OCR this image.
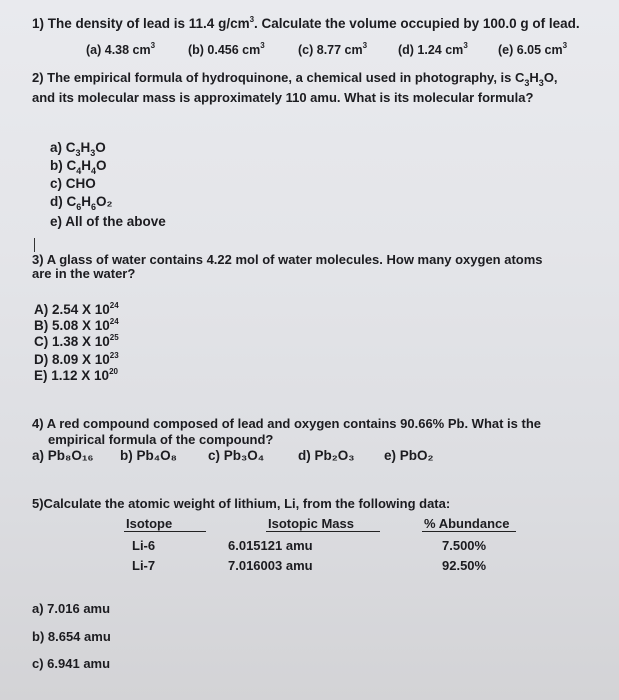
1) The density of lead is 11.4 $g/cm^3$. Calculate the volume occupied by 100.0 g of lead.
(a) 4.38 $cm^3$	(b) 0.456 $cm^3$	(c) 8.77 $cm^3$ (d) 1.24 $cm^3$ (e) 6.05 $cm^3$
2) The empirical formula of hydroquinone, a chemical used in photography, is $C_3H_3O$,
and its molecular mass is approximately 110 amu. What is its molecular formula?
a) $C_3H_3O$
b) $C_4H_4O$
c) CHO
d) $C_6H_6O_2$
e) All of the above
3) A glass of water contains 4.22 mol of water molecules. How many oxygen atoms
are in the water?
A) 2.54 X $10^{24}$
B) 5.08 X $10^{24}$
C) 1.38 X $10^{25}$
D) 8.09 X $10^{23}$
E) 1.12 X $10^{20}$
4) A red compound composed of lead and oxygen contains 90.66% Pb. What is the
empirical formula of the compound?
a) Pb₈O₁₆ b) Pb₄O₈ c) Pb₃O₄	d) Pb₂O₃ e) PbO₂
5)Calculate the atomic weight of lithium, Li, from the following data:
Isotope	Isotopic Mass	% Abundance
Li-6	6.015121 amu	7.500%
Li-7	7.016003 amu	92.50%
a) 7.016 amu
b) 8.654 amu
c) 6.941 amu
